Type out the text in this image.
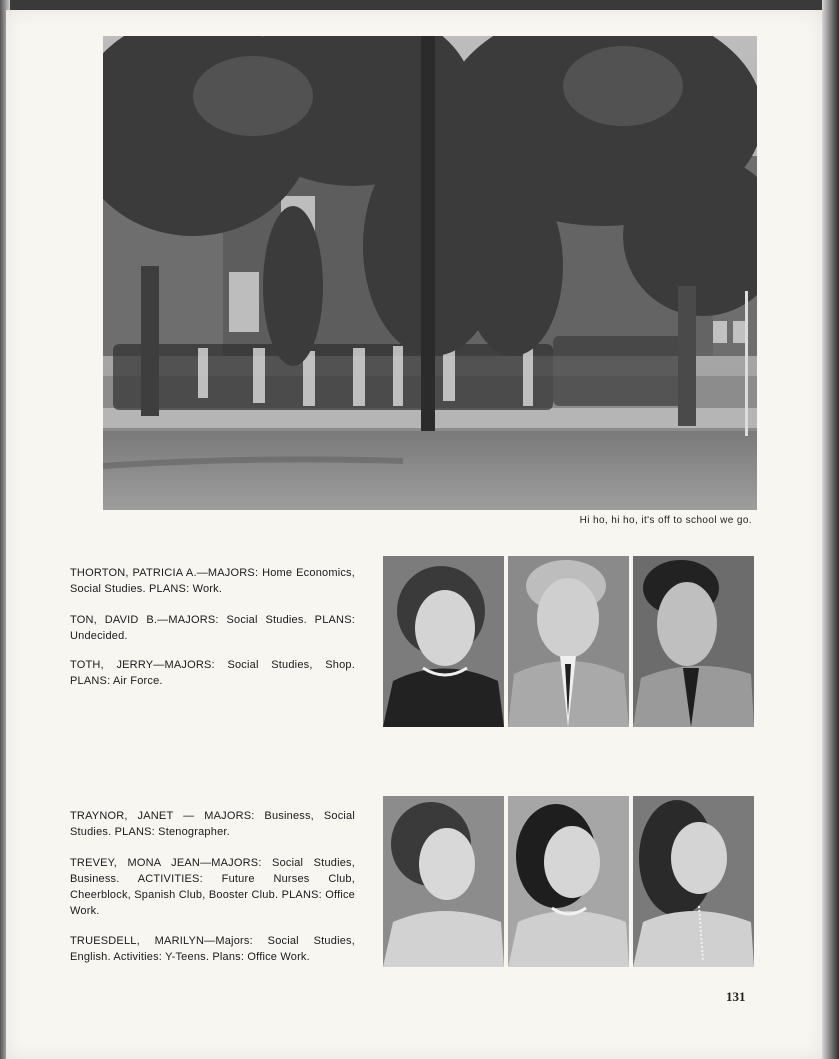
Hi ho, hi ho, it's off to school we go.
THORTON, PATRICIA A.—MAJORS: Home Economics, Social Studies. PLANS: Work.
TON, DAVID B.—MAJORS: Social Studies. PLANS: Undecided.
TOTH, JERRY—MAJORS: Social Studies, Shop. PLANS: Air Force.
TRAYNOR, JANET — MAJORS: Business, Social Studies. PLANS: Stenographer.
TREVEY, MONA JEAN—MAJORS: Social Studies, Business. ACTIVITIES: Future Nurses Club, Cheerblock, Spanish Club, Booster Club. PLANS: Office Work.
TRUESDELL, MARILYN—Majors: Social Studies, English. Activities: Y-Teens. Plans: Office Work.
131
